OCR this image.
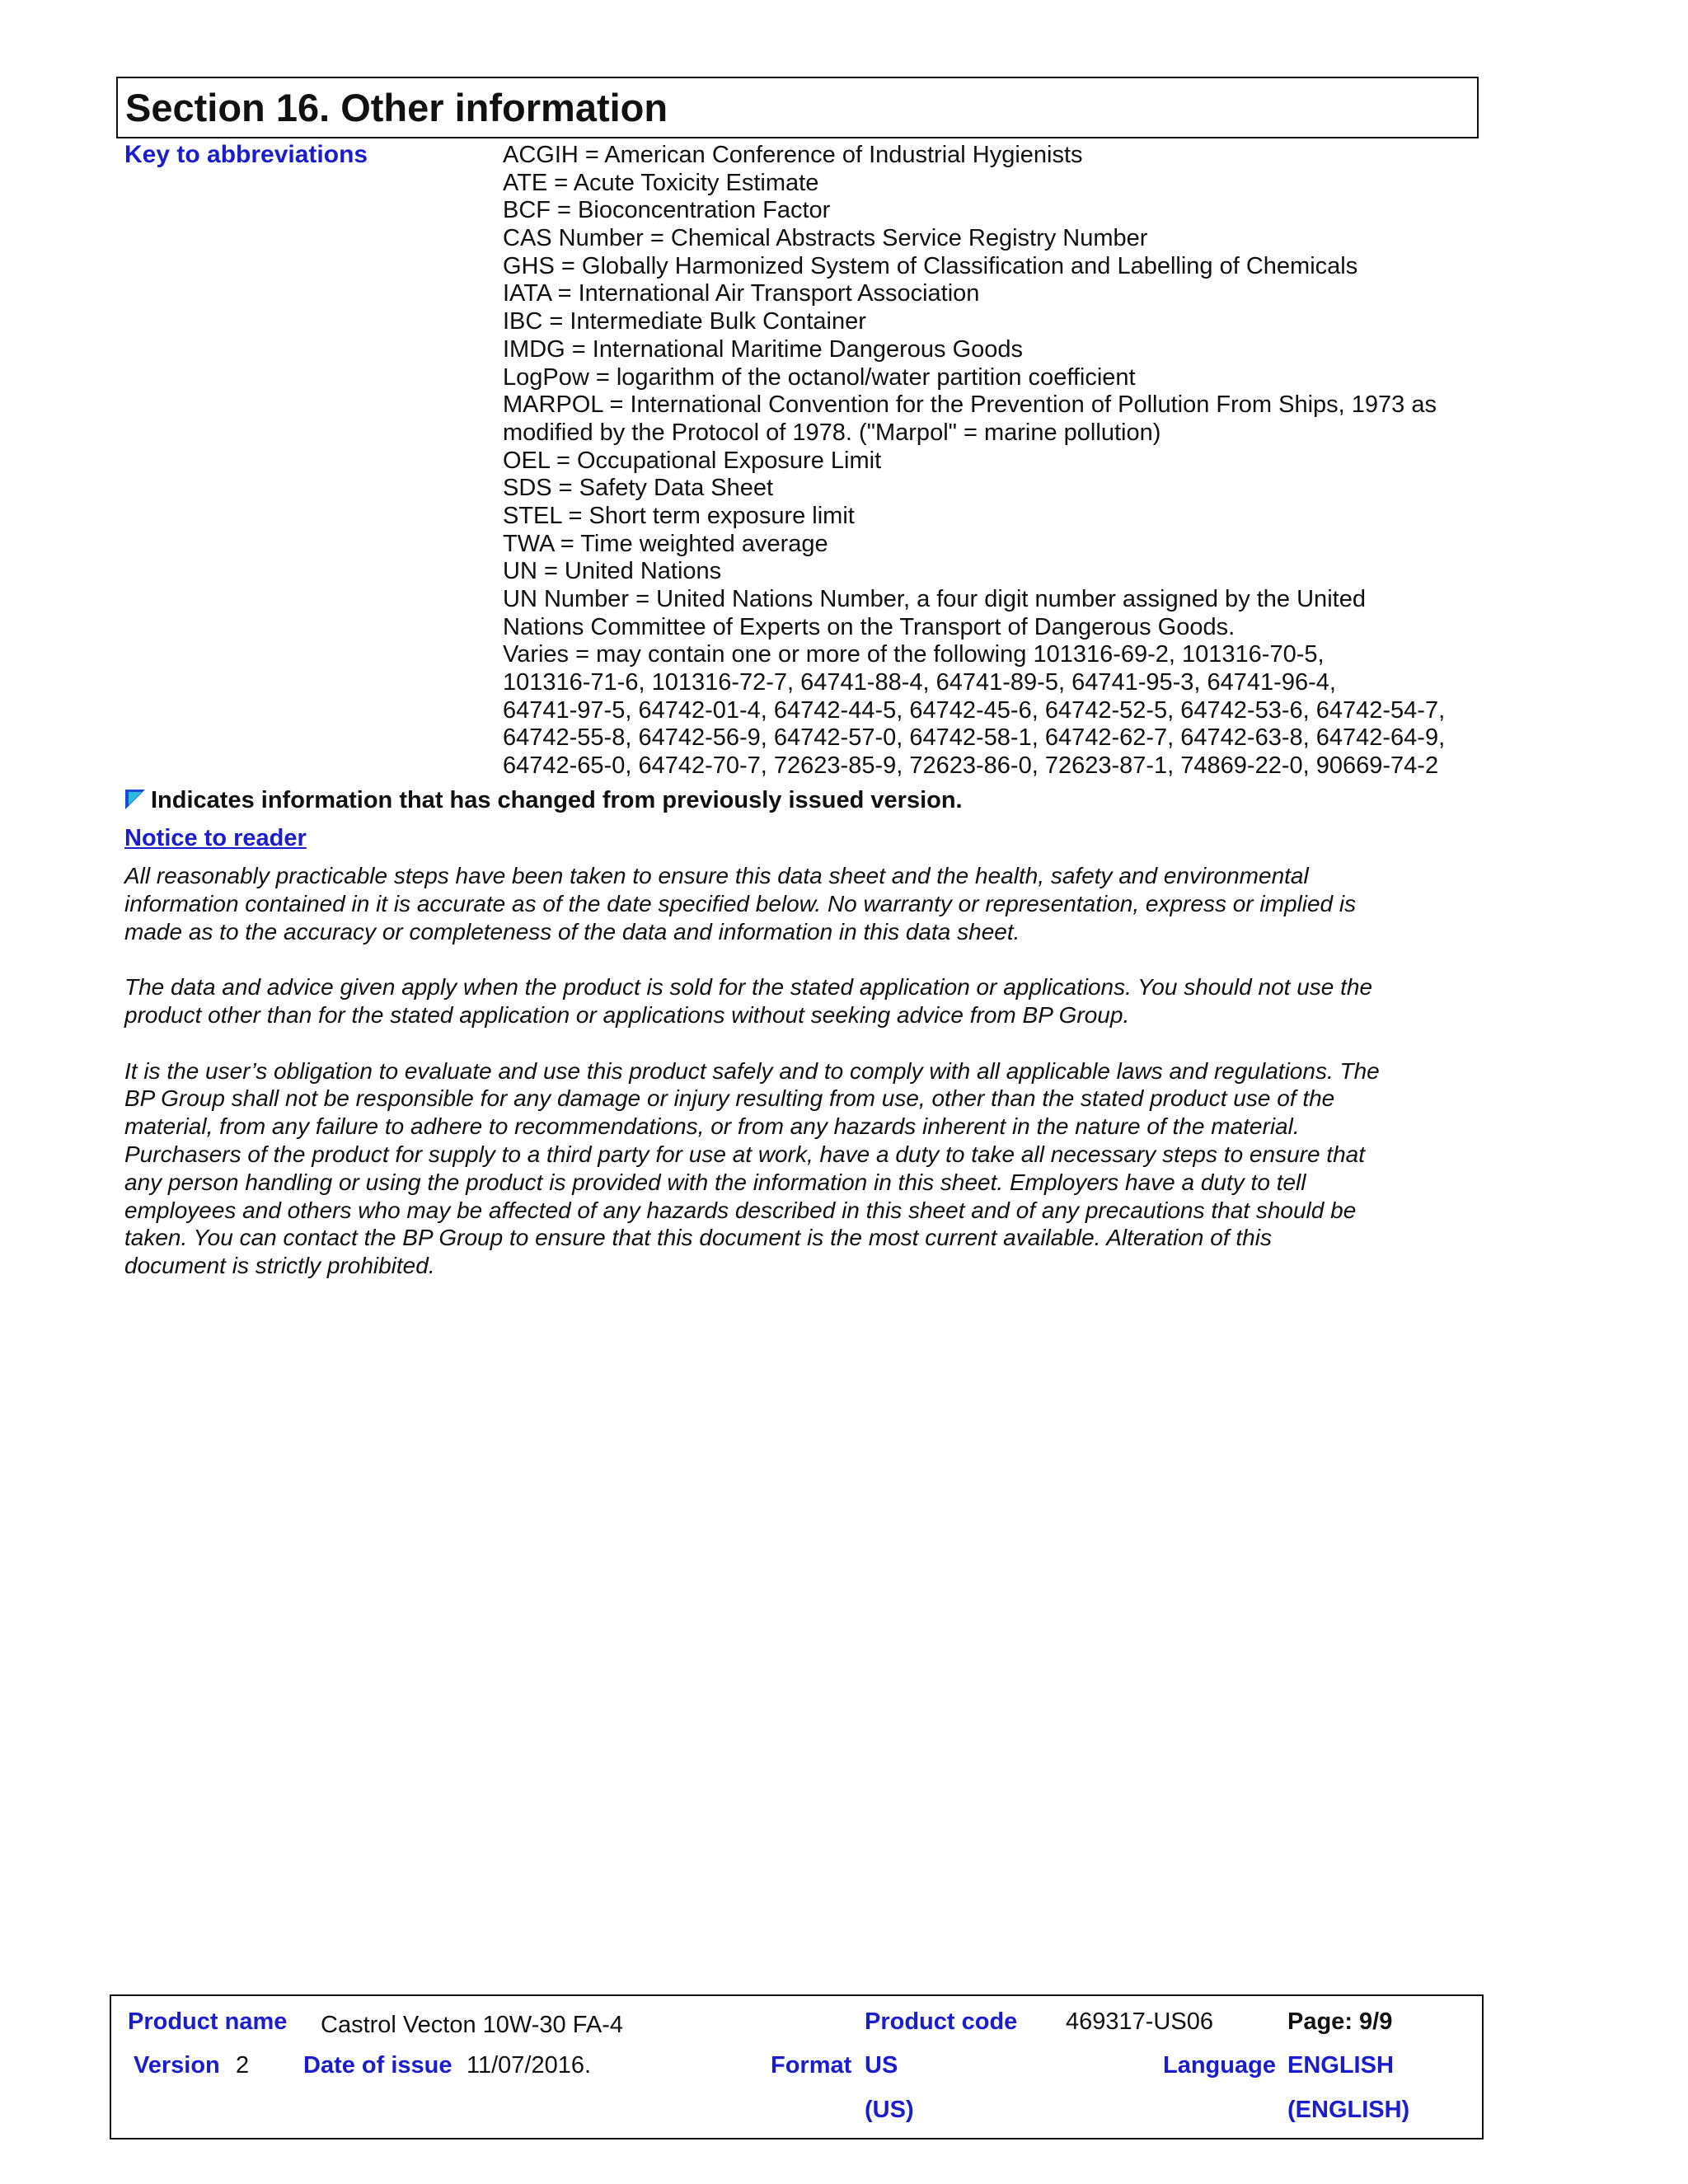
Section 16. Other information
Key to abbreviations	ACGIH = American Conference of Industrial Hygienists
ATE = Acute Toxicity Estimate
BCF = Bioconcentration Factor
CAS Number = Chemical Abstracts Service Registry Number
GHS = Globally Harmonized System of Classification and Labelling of Chemicals
IATA = International Air Transport Association
IBC = Intermediate Bulk Container
IMDG = International Maritime Dangerous Goods
LogPow = logarithm of the octanol/water partition coefficient
MARPOL = International Convention for the Prevention of Pollution From Ships, 1973 as
modified by the Protocol of 1978. ("Marpol" = marine pollution)
OEL = Occupational Exposure Limit
SDS = Safety Data Sheet
STEL = Short term exposure limit
TWA = Time weighted average
UN = United Nations
UN Number = United Nations Number, a four digit number assigned by the United
Nations Committee of Experts on the Transport of Dangerous Goods.
Varies = may contain one or more of the following 101316-69-2, 101316-70-5,
101316-71-6, 101316-72-7, 64741-88-4, 64741-89-5, 64741-95-3, 64741-96-4,
64741-97-5, 64742-01-4, 64742-44-5, 64742-45-6, 64742-52-5, 64742-53-6, 64742-54-7,
64742-55-8, 64742-56-9, 64742-57-0, 64742-58-1, 64742-62-7, 64742-63-8, 64742-64-9,
64742-65-0, 64742-70-7, 72623-85-9, 72623-86-0, 72623-87-1, 74869-22-0, 90669-74-2
Indicates information that has changed from previously issued version.
Notice to reader
All reasonably practicable steps have been taken to ensure this data sheet and the health, safety and environmental
information contained in it is accurate as of the date specified below. No warranty or representation, express or implied is
made as to the accuracy or completeness of the data and information in this data sheet.
The data and advice given apply when the product is sold for the stated application or applications. You should not use the
product other than for the stated application or applications without seeking advice from BP Group.
It is the user’s obligation to evaluate and use this product safely and to comply with all applicable laws and regulations. The
BP Group shall not be responsible for any damage or injury resulting from use, other than the stated product use of the
material, from any failure to adhere to recommendations, or from any hazards inherent in the nature of the material.
Purchasers of the product for supply to a third party for use at work, have a duty to take all necessary steps to ensure that
any person handling or using the product is provided with the information in this sheet. Employers have a duty to tell
employees and others who may be affected of any hazards described in this sheet and of any precautions that should be
taken. You can contact the BP Group to ensure that this document is the most current available. Alteration of this
document is strictly prohibited.
Product name Castrol Vecton 10W-30 FA-4	Product code 469317-US06	Page: 9/9
Version 2 Date of issue 11/07/2016.	Format US
(US)
Language ENGLISH
(ENGLISH)
